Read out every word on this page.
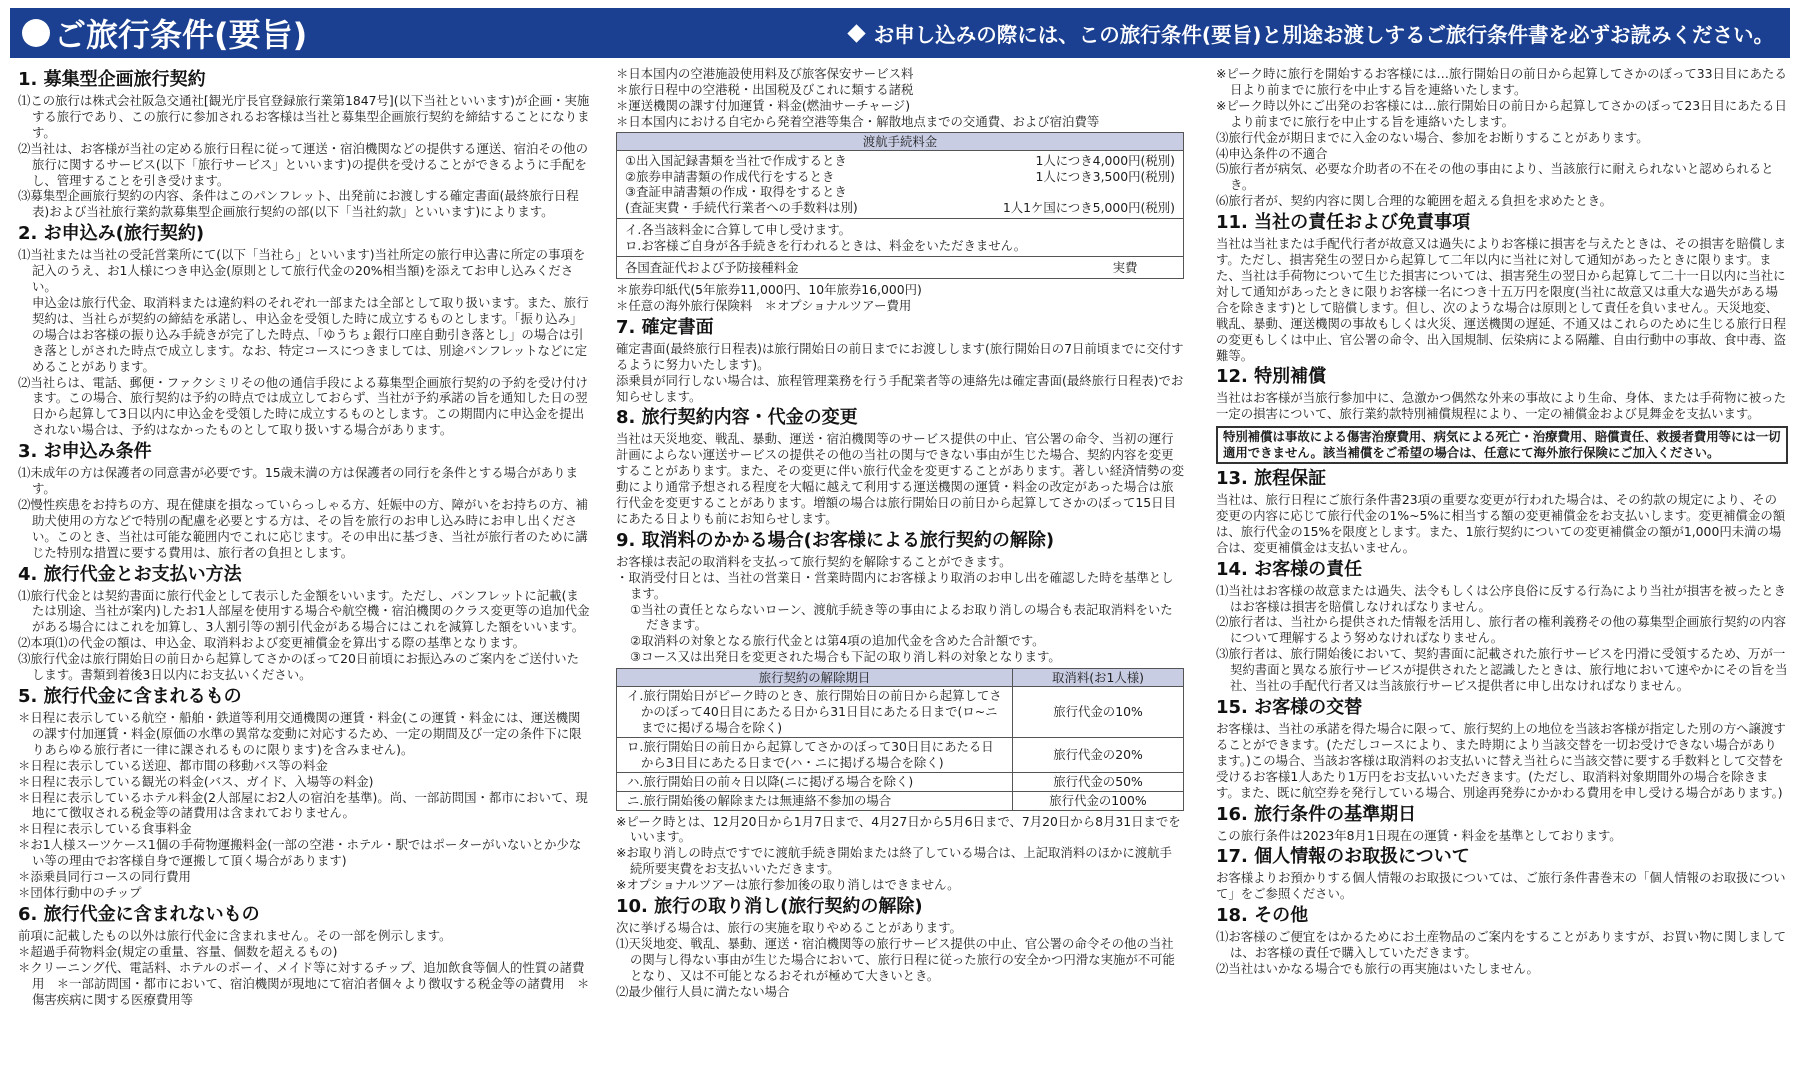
ご旅行条件(要旨)	お申し込みの際には、この旅行条件(要旨)と別途お渡しするご旅行条件書を必ずお読みください。
1. 募集型企画旅行契約

⑴この旅行は株式会社阪急交通社[観光庁長官登録旅行業第1847号](以下当社といいます)が企画・実施する旅行であり、この旅行に参加されるお客様は当社と募集型企画旅行契約を締結することになります。

⑵当社は、お客様が当社の定める旅行日程に従って運送・宿泊機関などの提供する運送、宿泊その他の旅行に関するサービス(以下「旅行サービス」といいます)の提供を受けることができるように手配をし、管理することを引き受けます。

⑶募集型企画旅行契約の内容、条件はこのパンフレット、出発前にお渡しする確定書面(最終旅行日程表)および当社旅行業約款募集型企画旅行契約の部(以下「当社約款」といいます)によります。

2. お申込み(旅行契約)

⑴当社または当社の受託営業所にて(以下「当社ら」といいます)当社所定の旅行申込書に所定の事項を記入のうえ、お1人様につき申込金(原則として旅行代金の20%相当額)を添えてお申し込みください。

申込金は旅行代金、取消料または違約料のそれぞれ一部または全部として取り扱います。また、旅行契約は、当社らが契約の締結を承諾し、申込金を受領した時に成立するものとします。「振り込み」の場合はお客様の振り込み手続きが完了した時点、「ゆうちょ銀行口座自動引き落とし」の場合は引き落としがされた時点で成立します。なお、特定コースにつきましては、別途パンフレットなどに定めることがあります。

⑵当社らは、電話、郵便・ファクシミリその他の通信手段による募集型企画旅行契約の予約を受け付けます。この場合、旅行契約は予約の時点では成立しておらず、当社が予約承諾の旨を通知した日の翌日から起算して3日以内に申込金を受領した時に成立するものとします。この期間内に申込金を提出されない場合は、予約はなかったものとして取り扱いする場合があります。

3. お申込み条件

⑴未成年の方は保護者の同意書が必要です。15歳未満の方は保護者の同行を条件とする場合があります。

⑵慢性疾患をお持ちの方、現在健康を損なっていらっしゃる方、妊娠中の方、障がいをお持ちの方、補助犬使用の方などで特別の配慮を必要とする方は、その旨を旅行のお申し込み時にお申し出ください。このとき、当社は可能な範囲内でこれに応じます。その申出に基づき、当社が旅行者のために講じた特別な措置に要する費用は、旅行者の負担とします。

4. 旅行代金とお支払い方法

⑴旅行代金とは契約書面に旅行代金として表示した金額をいいます。ただし、パンフレットに記載(または別途、当社が案内)したお1人部屋を使用する場合や航空機・宿泊機関のクラス変更等の追加代金がある場合にはこれを加算し、3人割引等の割引代金がある場合にはこれを減算した額をいいます。

⑵本項⑴の代金の額は、申込金、取消料および変更補償金を算出する際の基準となります。

⑶旅行代金は旅行開始日の前日から起算してさかのぼって20日前頃にお振込みのご案内をご送付いたします。書類到着後3日以内にお支払いください。

5. 旅行代金に含まれるもの

＊日程に表示している航空・船舶・鉄道等利用交通機関の運賃・料金(この運賃・料金には、運送機関の課す付加運賃・料金(原価の水準の異常な変動に対応するため、一定の期間及び一定の条件下に限りあらゆる旅行者に一律に課されるものに限ります)を含みません)。

＊日程に表示している送迎、都市間の移動バス等の料金

＊日程に表示している観光の料金(バス、ガイド、入場等の料金)

＊日程に表示しているホテル料金(2人部屋にお2人の宿泊を基準)。尚、一部訪問国・都市において、現地にて徴収される税金等の諸費用は含まれておりません。

＊日程に表示している食事料金

＊お1人様スーツケース1個の手荷物運搬料金(一部の空港・ホテル・駅ではポーターがいないとか少ない等の理由でお客様自身で運搬して頂く場合があります)

＊添乗員同行コースの同行費用

＊団体行動中のチップ

6. 旅行代金に含まれないもの

前項に記載したもの以外は旅行代金に含まれません。その一部を例示します。

＊超過手荷物料金(規定の重量、容量、個数を超えるもの)

＊クリーニング代、電話料、ホテルのボーイ、メイド等に対するチップ、追加飲食等個人的性質の諸費用　＊一部訪問国・都市において、宿泊機関が現地にて宿泊者個々より徴収する税金等の諸費用　＊傷害疾病に関する医療費用等

＊日本国内の空港施設使用料及び旅客保安サービス料

＊旅行日程中の空港税・出国税及びこれに類する諸税

＊運送機関の課す付加運賃・料金(燃油サーチャージ)

＊日本国内における自宅から発着空港等集合・解散地点までの交通費、および宿泊費等

渡航手続料金
①出入国記録書類を当社で作成するとき	1人につき4,000円(税別)
②旅券申請書類の作成代行をするとき	1人につき3,500円(税別)
③査証申請書類の作成・取得をするとき
(査証実費・手続代行業者への手数料は別)	1人1ケ国につき5,000円(税別)
イ.各当該料金に合算して申し受けます。
ロ.お客様ご自身が各手続きを行われるときは、料金をいただきません。
各国査証代および予防接種料金	実費

＊旅券印紙代(5年旅券11,000円、10年旅券16,000円)

＊任意の海外旅行保険料　＊オプショナルツアー費用

7. 確定書面

確定書面(最終旅行日程表)は旅行開始日の前日までにお渡しします(旅行開始日の7日前頃までに交付するように努力いたします)。

添乗員が同行しない場合は、旅程管理業務を行う手配業者等の連絡先は確定書面(最終旅行日程表)でお知らせします。

8. 旅行契約内容・代金の変更

当社は天災地変、戦乱、暴動、運送・宿泊機関等のサービス提供の中止、官公署の命令、当初の運行計画によらない運送サービスの提供その他の当社の関与できない事由が生じた場合、契約内容を変更することがあります。また、その変更に伴い旅行代金を変更することがあります。著しい経済情勢の変動により通常予想される程度を大幅に越えて利用する運送機関の運賃・料金の改定があった場合は旅行代金を変更することがあります。増額の場合は旅行開始日の前日から起算してさかのぼって15日目にあたる日よりも前にお知らせします。

9. 取消料のかかる場合(お客様による旅行契約の解除)

お客様は表記の取消料を支払って旅行契約を解除することができます。

・取消受付日とは、当社の営業日・営業時間内にお客様より取消のお申し出を確認した時を基準とします。

①当社の責任とならないローン、渡航手続き等の事由によるお取り消しの場合も表記取消料をいただきます。

②取消料の対象となる旅行代金とは第4項の追加代金を含めた合計額です。

③コース又は出発日を変更された場合も下記の取り消し料の対象となります。

旅行契約の解除期日	取消料(お1人様)
イ.旅行開始日がピーク時のとき、旅行開始日の前日から起算してさかのぼって40日目にあたる日から31日目にあたる日まで(ロ~ニまでに掲げる場合を除く)	旅行代金の10%
ロ.旅行開始日の前日から起算してさかのぼって30日目にあたる日から3日目にあたる日まで(ハ・ニに掲げる場合を除く)	旅行代金の20%
ハ.旅行開始日の前々日以降(ニに掲げる場合を除く)	旅行代金の50%
ニ.旅行開始後の解除または無連絡不参加の場合	旅行代金の100%

※ピーク時とは、12月20日から1月7日まで、4月27日から5月6日まで、7月20日から8月31日までをいいます。

※お取り消しの時点ですでに渡航手続き開始または終了している場合は、上記取消料のほかに渡航手続所要実費をお支払いいただきます。

※オプショナルツアーは旅行参加後の取り消しはできません。

10. 旅行の取り消し(旅行契約の解除)

次に挙げる場合は、旅行の実施を取りやめることがあります。

⑴天災地変、戦乱、暴動、運送・宿泊機関等の旅行サービス提供の中止、官公署の命令その他の当社の関与し得ない事由が生じた場合において、旅行日程に従った旅行の安全かつ円滑な実施が不可能となり、又は不可能となるおそれが極めて大きいとき。

⑵最少催行人員に満たない場合

※ピーク時に旅行を開始するお客様には…旅行開始日の前日から起算してさかのぼって33日目にあたる日より前までに旅行を中止する旨を連絡いたします。

※ピーク時以外にご出発のお客様には…旅行開始日の前日から起算してさかのぼって23日目にあたる日より前までに旅行を中止する旨を連絡いたします。

⑶旅行代金が期日までに入金のない場合、参加をお断りすることがあります。

⑷申込条件の不適合

⑸旅行者が病気、必要な介助者の不在その他の事由により、当該旅行に耐えられないと認められるとき。

⑹旅行者が、契約内容に関し合理的な範囲を超える負担を求めたとき。

11. 当社の責任および免責事項

当社は当社または手配代行者が故意又は過失によりお客様に損害を与えたときは、その損害を賠償します。ただし、損害発生の翌日から起算して二年以内に当社に対して通知があったときに限ります。また、当社は手荷物について生じた損害については、損害発生の翌日から起算して二十一日以内に当社に対して通知があったときに限りお客様一名につき十五万円を限度(当社に故意又は重大な過失がある場合を除きます)として賠償します。但し、次のような場合は原則として責任を負いません。天災地変、戦乱、暴動、運送機関の事故もしくは火災、運送機関の遅延、不通又はこれらのために生じる旅行日程の変更もしくは中止、官公署の命令、出入国規制、伝染病による隔離、自由行動中の事故、食中毒、盗難等。

12. 特別補償

当社はお客様が当旅行参加中に、急激かつ偶然な外来の事故により生命、身体、または手荷物に被った一定の損害について、旅行業約款特別補償規程により、一定の補償金および見舞金を支払います。

特別補償は事故による傷害治療費用、病気による死亡・治療費用、賠償責任、救援者費用等には一切適用できません。該当補償をご希望の場合は、任意にて海外旅行保険にご加入ください。
13. 旅程保証

当社は、旅行日程にご旅行条件書23項の重要な変更が行われた場合は、その約款の規定により、その変更の内容に応じて旅行代金の1%~5%に相当する額の変更補償金をお支払いします。変更補償金の額は、旅行代金の15%を限度とします。また、1旅行契約についての変更補償金の額が1,000円未満の場合は、変更補償金は支払いません。

14. お客様の責任

⑴当社はお客様の故意または過失、法令もしくは公序良俗に反する行為により当社が損害を被ったときはお客様は損害を賠償しなければなりません。

⑵旅行者は、当社から提供された情報を活用し、旅行者の権利義務その他の募集型企画旅行契約の内容について理解するよう努めなければなりません。

⑶旅行者は、旅行開始後において、契約書面に記載された旅行サービスを円滑に受領するため、万が一契約書面と異なる旅行サービスが提供されたと認識したときは、旅行地において速やかにその旨を当社、当社の手配代行者又は当該旅行サービス提供者に申し出なければなりません。

15. お客様の交替

お客様は、当社の承諾を得た場合に限って、旅行契約上の地位を当該お客様が指定した別の方へ譲渡することができます。(ただしコースにより、また時期により当該交替を一切お受けできない場合があります。)この場合、当該お客様は取消料のお支払いに替え当社らに当該交替に要する手数料として交替を受けるお客様1人あたり1万円をお支払いいただきます。(ただし、取消料対象期間外の場合を除きます。また、既に航空券を発行している場合、別途再発券にかかわる費用を申し受ける場合があります。)

16. 旅行条件の基準期日

この旅行条件は2023年8月1日現在の運賃・料金を基準としております。

17. 個人情報のお取扱について

お客様よりお預かりする個人情報のお取扱については、ご旅行条件書巻末の「個人情報のお取扱について」をご参照ください。

18. その他

⑴お客様のご便宜をはかるためにお土産物品のご案内をすることがありますが、お買い物に関しましては、お客様の責任で購入していただきます。

⑵当社はいかなる場合でも旅行の再実施はいたしません。
